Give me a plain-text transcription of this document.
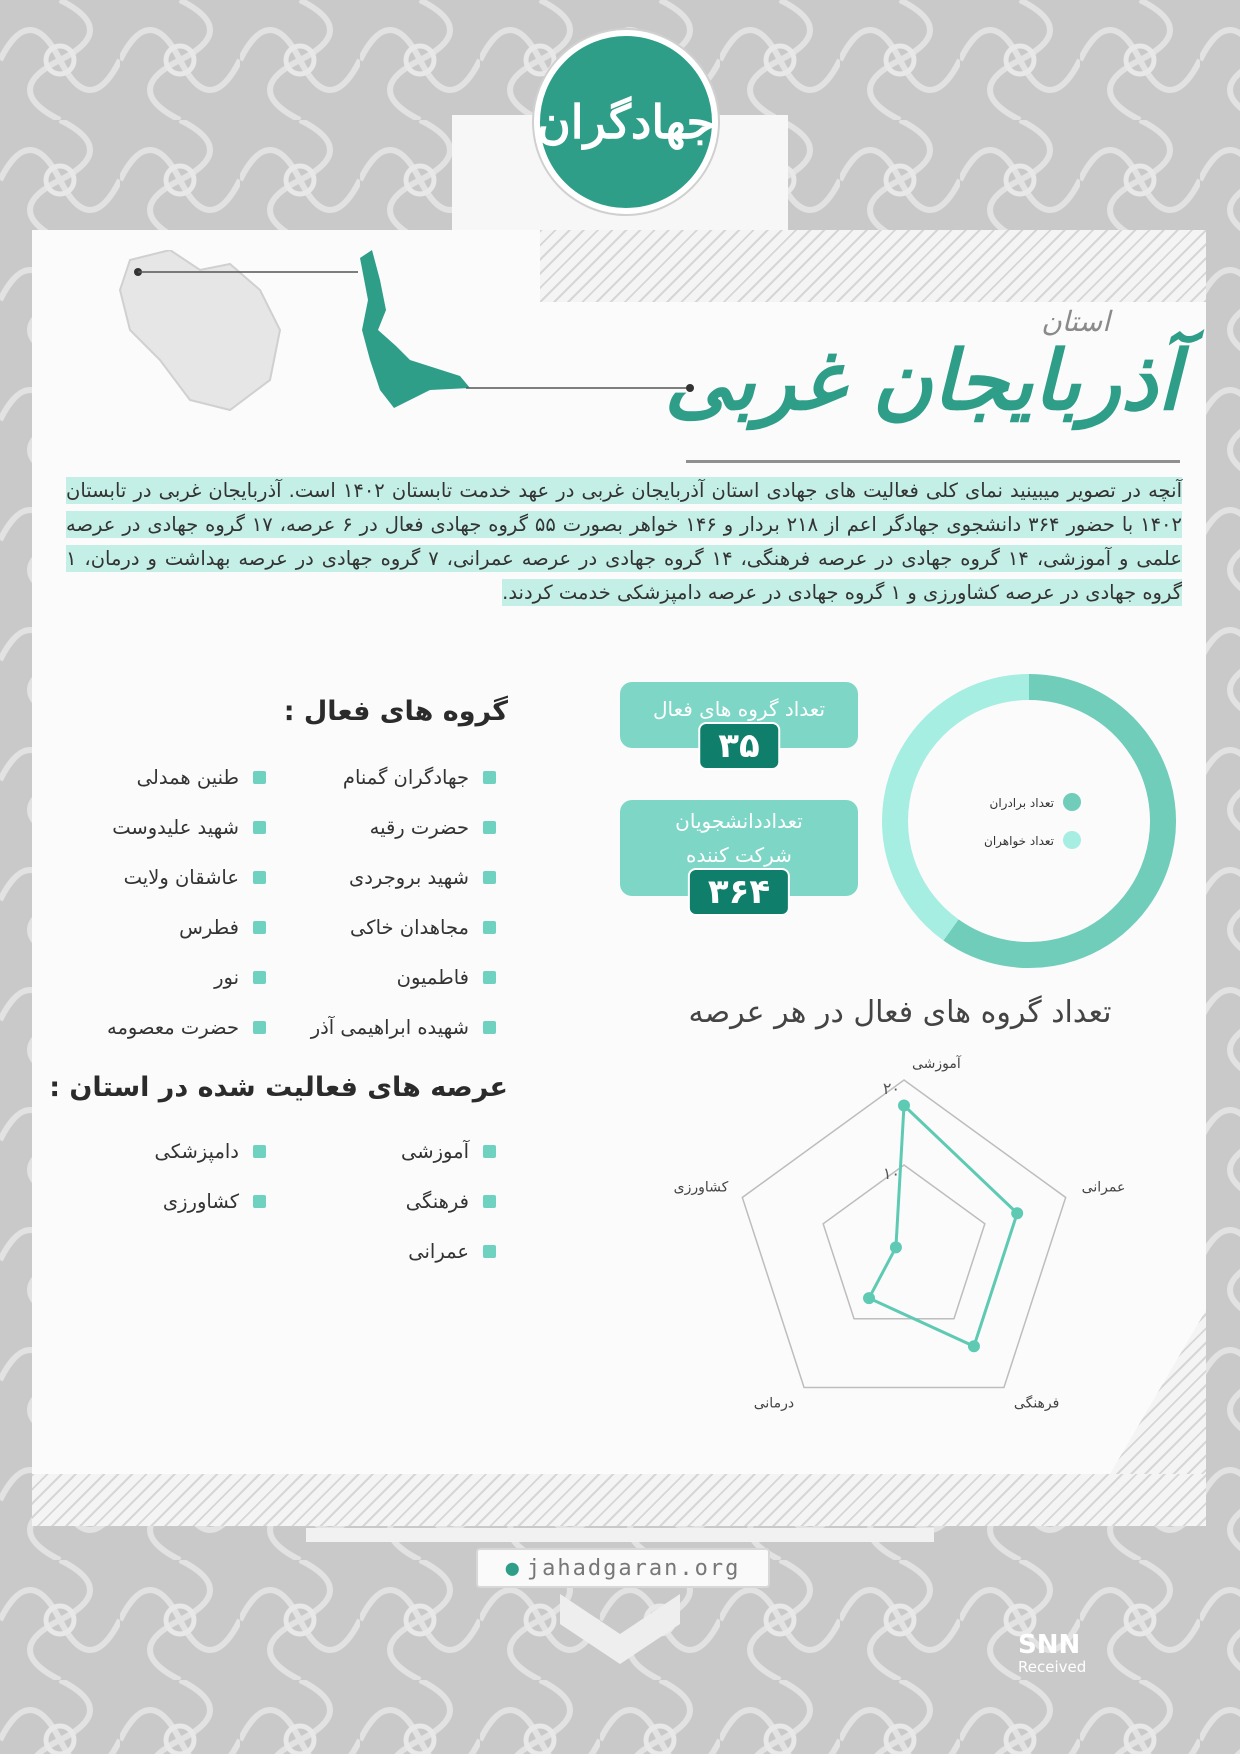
جهادگران
استان
آذربایجان غربی
آنچه در تصویر میبینید نمای کلی فعالیت های جهادی استان آذربایجان غربی در عهد خدمت تابستان ۱۴۰۲ است. آذربایجان غربی در تابستان ۱۴۰۲ با حضور ۳۶۴ دانشجوی جهادگر اعم از ۲۱۸ بردار و ۱۴۶ خواهر بصورت ۵۵ گروه جهادی فعال در ۶ عرصه، ۱۷ گروه جهادی در عرصه علمی و آموزشی، ۱۴ گروه جهادی در عرصه فرهنگی، ۱۴ گروه جهادی در عرصه عمرانی، ۷ گروه جهادی در عرصه بهداشت و درمان، ۱ گروه جهادی در عرصه کشاورزی و ۱ گروه جهادی در عرصه دامپزشکی خدمت کردند.
تعداد گروه های فعال
۳۵
تعداددانشجویان
شرکت کننده
۳۶۴
تعداد برادران
تعداد خواهران
گروه های فعال :
جهادگران گمنام
طنین همدلی
حضرت رقیه
شهید علیدوست
شهید بروجردی
عاشقان ولایت
مجاهدان خاکی
فطرس
فاطمیون
نور
شهیده ابراهیمی آذر
حضرت معصومه
عرصه های فعالیت شده در استان :
آموزشی
دامپزشکی
فرهنگی
کشاورزی
عمرانی
تعداد گروه های فعال در هر عرصه
۱۰
۲۰
آموزشی
عمرانی
فرهنگی
درمانی
کشاورزی
● jahadgaran.org
SNN
Received
